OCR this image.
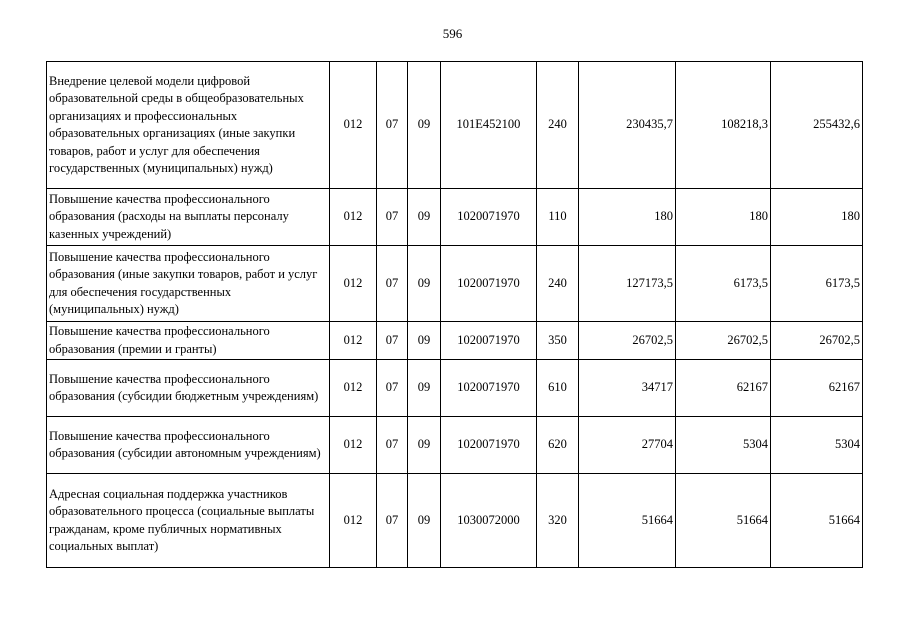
596
Внедрение целевой модели цифровой образовательной среды в общеобразовательных организациях и профессиональных образовательных организациях (иные закупки товаров, работ и услуг для обеспечения государственных (муниципальных) нужд)	012	07	09	101E452100	240	230435,7	108218,3	255432,6
Повышение качества профессионального образования (расходы на выплаты персоналу казенных учреждений)	012	07	09	1020071970	110	180	180	180
Повышение качества профессионального образования (иные закупки товаров, работ и услуг для обеспечения государственных (муниципальных) нужд)	012	07	09	1020071970	240	127173,5	6173,5	6173,5
Повышение качества профессионального образования (премии и гранты)	012	07	09	1020071970	350	26702,5	26702,5	26702,5
Повышение качества профессионального образования (субсидии бюджетным учреждениям)	012	07	09	1020071970	610	34717	62167	62167
Повышение качества профессионального образования (субсидии автономным учреждениям)	012	07	09	1020071970	620	27704	5304	5304
Адресная социальная поддержка участников образовательного процесса (социальные выплаты гражданам, кроме публичных нормативных социальных выплат)	012	07	09	1030072000	320	51664	51664	51664
